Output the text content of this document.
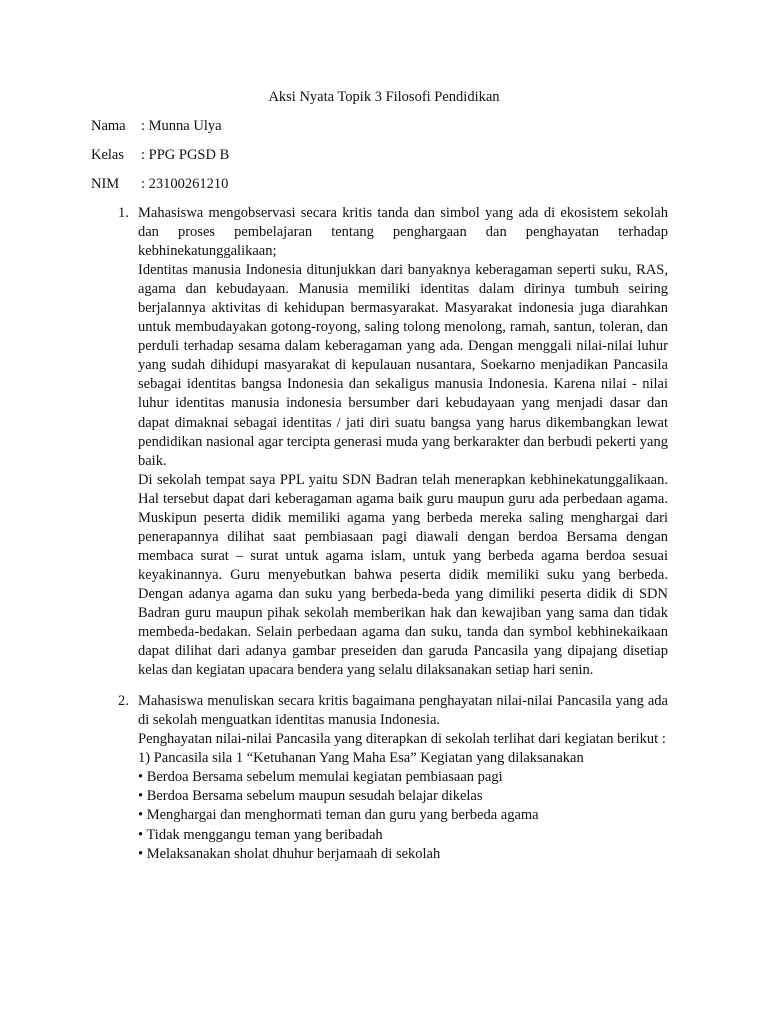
Aksi Nyata Topik 3 Filosofi Pendidikan
Nama : Munna Ulya
Kelas : PPG PGSD B
NIM : 23100261210
1. Mahasiswa mengobservasi secara kritis tanda dan simbol yang ada di ekosistem sekolah dan proses pembelajaran tentang penghargaan dan penghayatan terhadap kebhinekatunggalikaan;

Identitas manusia Indonesia ditunjukkan dari banyaknya keberagaman seperti suku, RAS, agama dan kebudayaan. Manusia memiliki identitas dalam dirinya tumbuh seiring berjalannya aktivitas di kehidupan bermasyarakat. Masyarakat indonesia juga diarahkan untuk membudayakan gotong-royong, saling tolong menolong, ramah, santun, toleran, dan perduli terhadap sesama dalam keberagaman yang ada. Dengan menggali nilai-nilai luhur yang sudah dihidupi masyarakat di kepulauan nusantara, Soekarno menjadikan Pancasila sebagai identitas bangsa Indonesia dan sekaligus manusia Indonesia. Karena nilai - nilai luhur identitas manusia indonesia bersumber dari kebudayaan yang menjadi dasar dan dapat dimaknai sebagai identitas / jati diri suatu bangsa yang harus dikembangkan lewat pendidikan nasional agar tercipta generasi muda yang berkarakter dan berbudi pekerti yang baik.

Di sekolah tempat saya PPL yaitu SDN Badran telah menerapkan kebhinekatunggalikaan. Hal tersebut dapat dari keberagaman agama baik guru maupun guru ada perbedaan agama. Muskipun peserta didik memiliki agama yang berbeda mereka saling menghargai dari penerapannya dilihat saat pembiasaan pagi diawali dengan berdoa Bersama dengan membaca surat – surat untuk agama islam, untuk yang berbeda agama berdoa sesuai keyakinannya. Guru menyebutkan bahwa peserta didik memiliki suku yang berbeda. Dengan adanya agama dan suku yang berbeda-beda yang dimiliki peserta didik di SDN Badran guru maupun pihak sekolah memberikan hak dan kewajiban yang sama dan tidak membeda-bedakan. Selain perbedaan agama dan suku, tanda dan symbol kebhinekaikaan dapat dilihat dari adanya gambar preseiden dan garuda Pancasila yang dipajang disetiap kelas dan kegiatan upacara bendera yang selalu dilaksanakan setiap hari senin.

2. Mahasiswa menuliskan secara kritis bagaimana penghayatan nilai-nilai Pancasila yang ada di sekolah menguatkan identitas manusia Indonesia.

Penghayatan nilai-nilai Pancasila yang diterapkan di sekolah terlihat dari kegiatan berikut :

1) Pancasila sila 1 “Ketuhanan Yang Maha Esa” Kegiatan yang dilaksanakan

• Berdoa Bersama sebelum memulai kegiatan pembiasaan pagi

• Berdoa Bersama sebelum maupun sesudah belajar dikelas

• Menghargai dan menghormati teman dan guru yang berbeda agama

• Tidak menggangu teman yang beribadah

• Melaksanakan sholat dhuhur berjamaah di sekolah
